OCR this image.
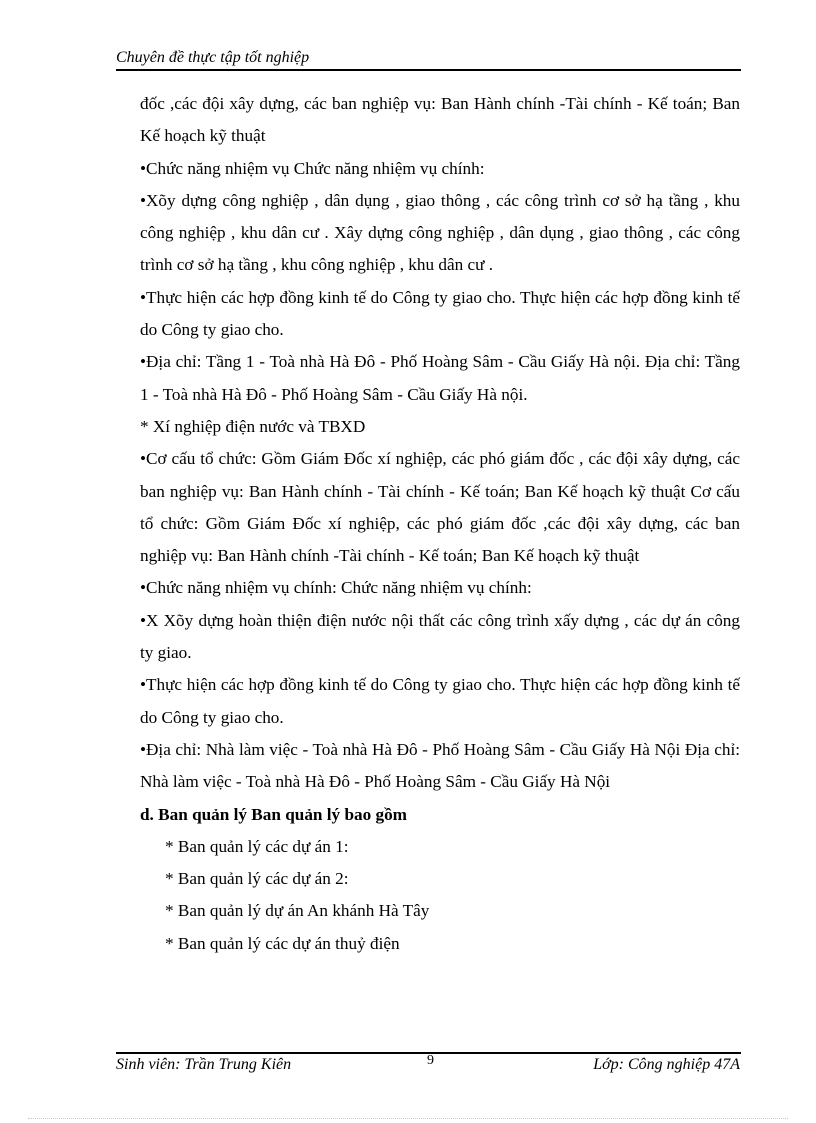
Chuyên đề thực tập tốt nghiệp

đốc ,các đội xây dựng, các ban nghiệp vụ: Ban Hành chính -Tài chính - Kế toán; Ban Kế hoạch kỹ thuật

•Chức năng nhiệm vụ Chức năng nhiệm vụ chính:

•Xõy dựng công nghiệp , dân dụng , giao thông , các công trình cơ sở hạ tầng , khu công nghiệp , khu dân cư . Xây dựng công nghiệp , dân dụng , giao thông , các công trình cơ sở hạ tầng , khu công nghiệp , khu dân cư .

•Thực hiện các hợp đồng kinh tế do Công ty giao cho. Thực hiện các hợp đồng kinh tế do Công ty giao cho.

•Địa chỉ: Tầng 1 - Toà nhà Hà Đô - Phố Hoàng Sâm - Cầu Giấy Hà nội. Địa chỉ: Tầng 1 - Toà nhà Hà Đô - Phố Hoàng Sâm - Cầu Giấy Hà nội.

* Xí nghiệp điện nước và TBXD

•Cơ cấu tổ chức: Gồm Giám Đốc xí nghiệp, các phó giám đốc , các đội xây dựng, các ban nghiệp vụ: Ban Hành chính - Tài chính - Kế toán; Ban Kế hoạch kỹ thuật Cơ cấu tổ chức: Gồm Giám Đốc xí nghiệp, các phó giám đốc ,các đội xây dựng, các ban nghiệp vụ: Ban Hành chính -Tài chính - Kế toán; Ban Kế hoạch kỹ thuật

•Chức năng nhiệm vụ chính: Chức năng nhiệm vụ chính:

•X Xõy dựng hoàn thiện điện nước nội thất các công trình xấy dựng , các dự án công ty giao.

•Thực hiện các hợp đồng kinh tế do Công ty giao cho. Thực hiện các hợp đồng kinh tế do Công ty giao cho.

•Địa chỉ: Nhà làm việc - Toà nhà Hà Đô - Phố Hoàng Sâm - Cầu Giấy Hà Nội Địa chỉ: Nhà làm việc - Toà nhà Hà Đô - Phố Hoàng Sâm - Cầu Giấy Hà Nội

d. Ban quản lý Ban quản lý bao gồm

* Ban quản lý các dự án 1:

* Ban quản lý các dự án 2:

* Ban quản lý dự án An khánh Hà Tây

* Ban quản lý các dự án thuỷ điện

Sinh viên: Trần Trung Kiên	9	Lớp: Công nghiệp 47A
